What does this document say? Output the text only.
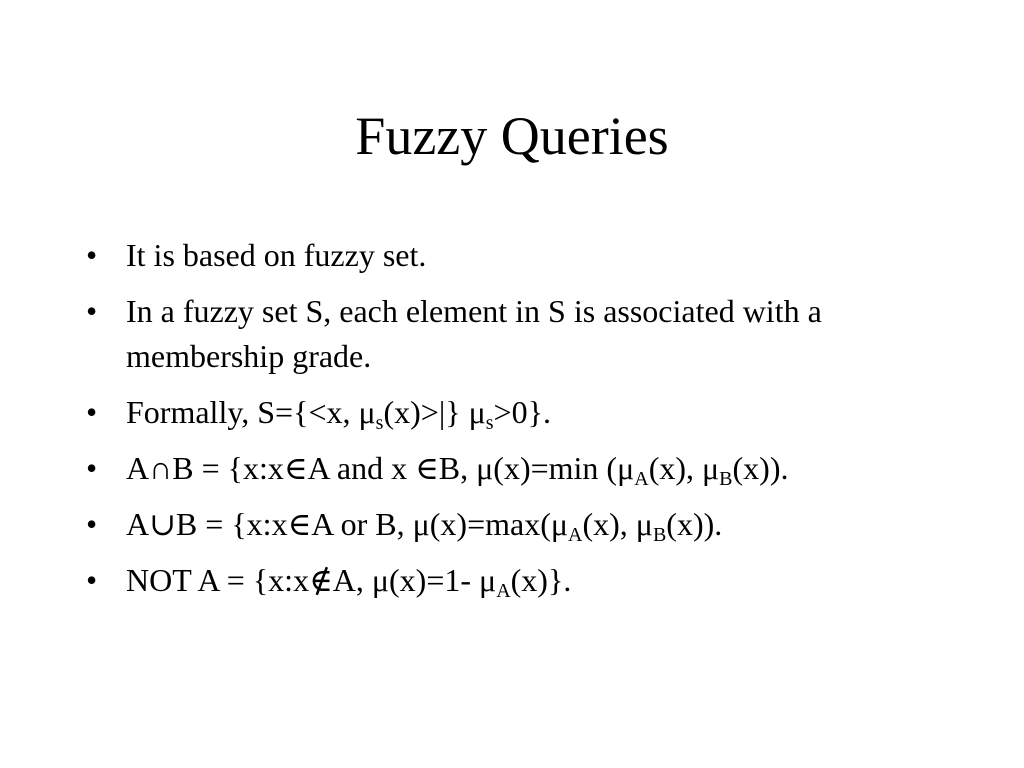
Fuzzy Queries
• It is based on fuzzy set.
• In a fuzzy set S, each element in S is associated with a membership grade.
• Formally, S={<x, $\mu_s(x)>|$} $\mu_s>0$}.
• A∩B = {x:x∈A and x ∈B, μ(x)=min ($\mu_A(x)$, $\mu_B(x)$).
• A∪B = {x:x∈A or B, $\mu(x)=\max(\mu_A(x)$, $\mu_B(x)$).
• NOT A = {x:x∉A, μ(x)=1- $\mu_A(x)$}.
